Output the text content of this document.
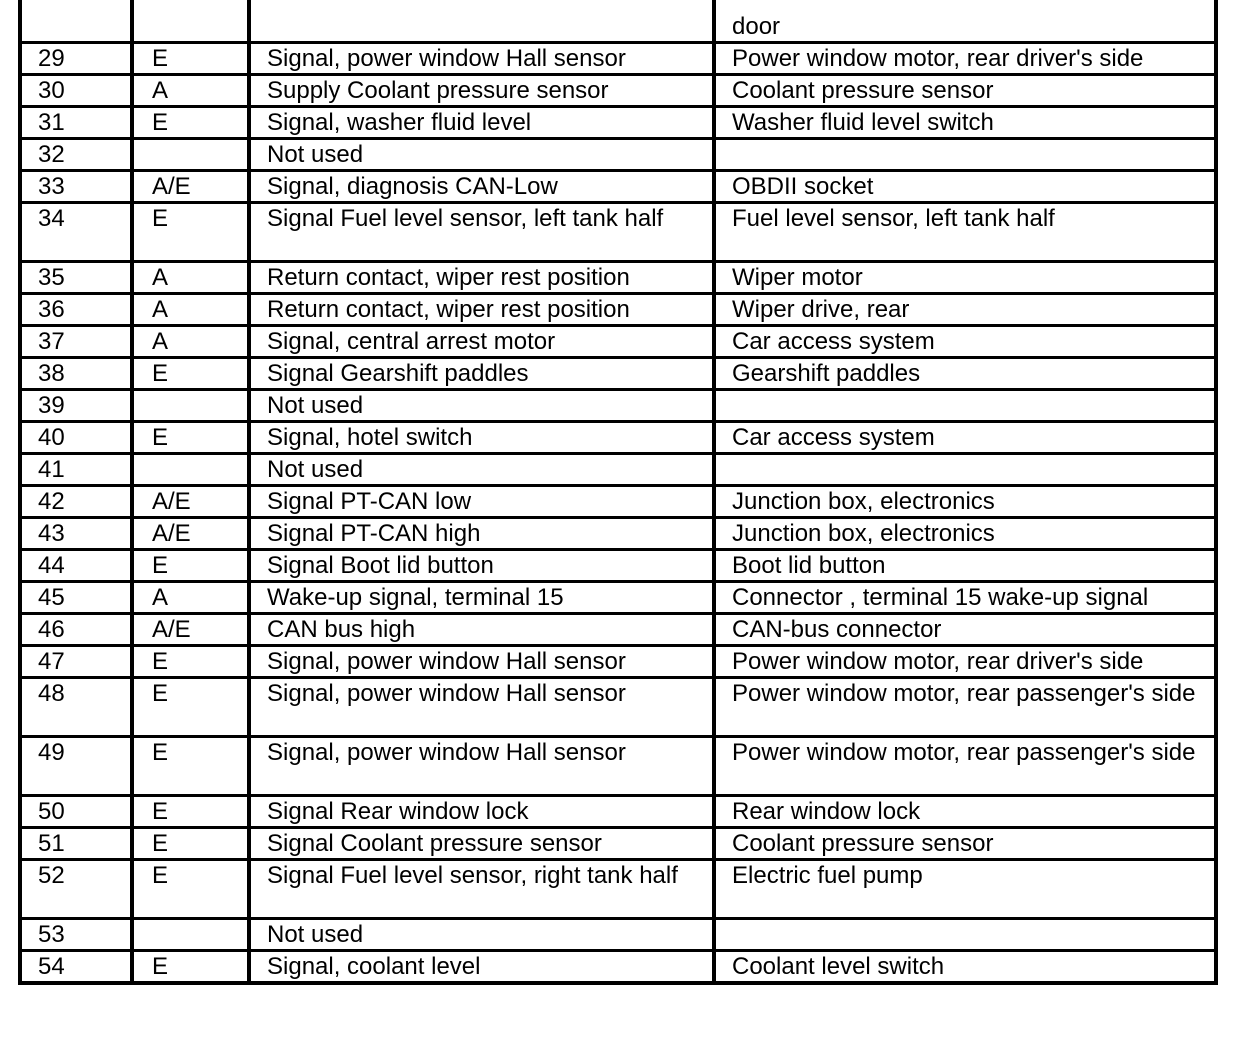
			door
29	E	Signal, power window Hall sensor	Power window motor, rear driver's side
30	A	Supply Coolant pressure sensor	Coolant pressure sensor
31	E	Signal, washer fluid level	Washer fluid level switch
32		Not used	
33	A/E	Signal, diagnosis CAN-Low	OBDII socket
34	E	Signal Fuel level sensor, left tank half	Fuel level sensor, left tank half
35	A	Return contact, wiper rest position	Wiper motor
36	A	Return contact, wiper rest position	Wiper drive, rear
37	A	Signal, central arrest motor	Car access system
38	E	Signal Gearshift paddles	Gearshift paddles
39		Not used	
40	E	Signal, hotel switch	Car access system
41		Not used	
42	A/E	Signal PT-CAN low	Junction box, electronics
43	A/E	Signal PT-CAN high	Junction box, electronics
44	E	Signal Boot lid button	Boot lid button
45	A	Wake-up signal, terminal 15	Connector , terminal 15 wake-up signal
46	A/E	CAN bus high	CAN-bus connector
47	E	Signal, power window Hall sensor	Power window motor, rear driver's side
48	E	Signal, power window Hall sensor	Power window motor, rear passenger's side
49	E	Signal, power window Hall sensor	Power window motor, rear passenger's side
50	E	Signal Rear window lock	Rear window lock
51	E	Signal Coolant pressure sensor	Coolant pressure sensor
52	E	Signal Fuel level sensor, right tank half	Electric fuel pump
53		Not used	
54	E	Signal, coolant level	Coolant level switch
